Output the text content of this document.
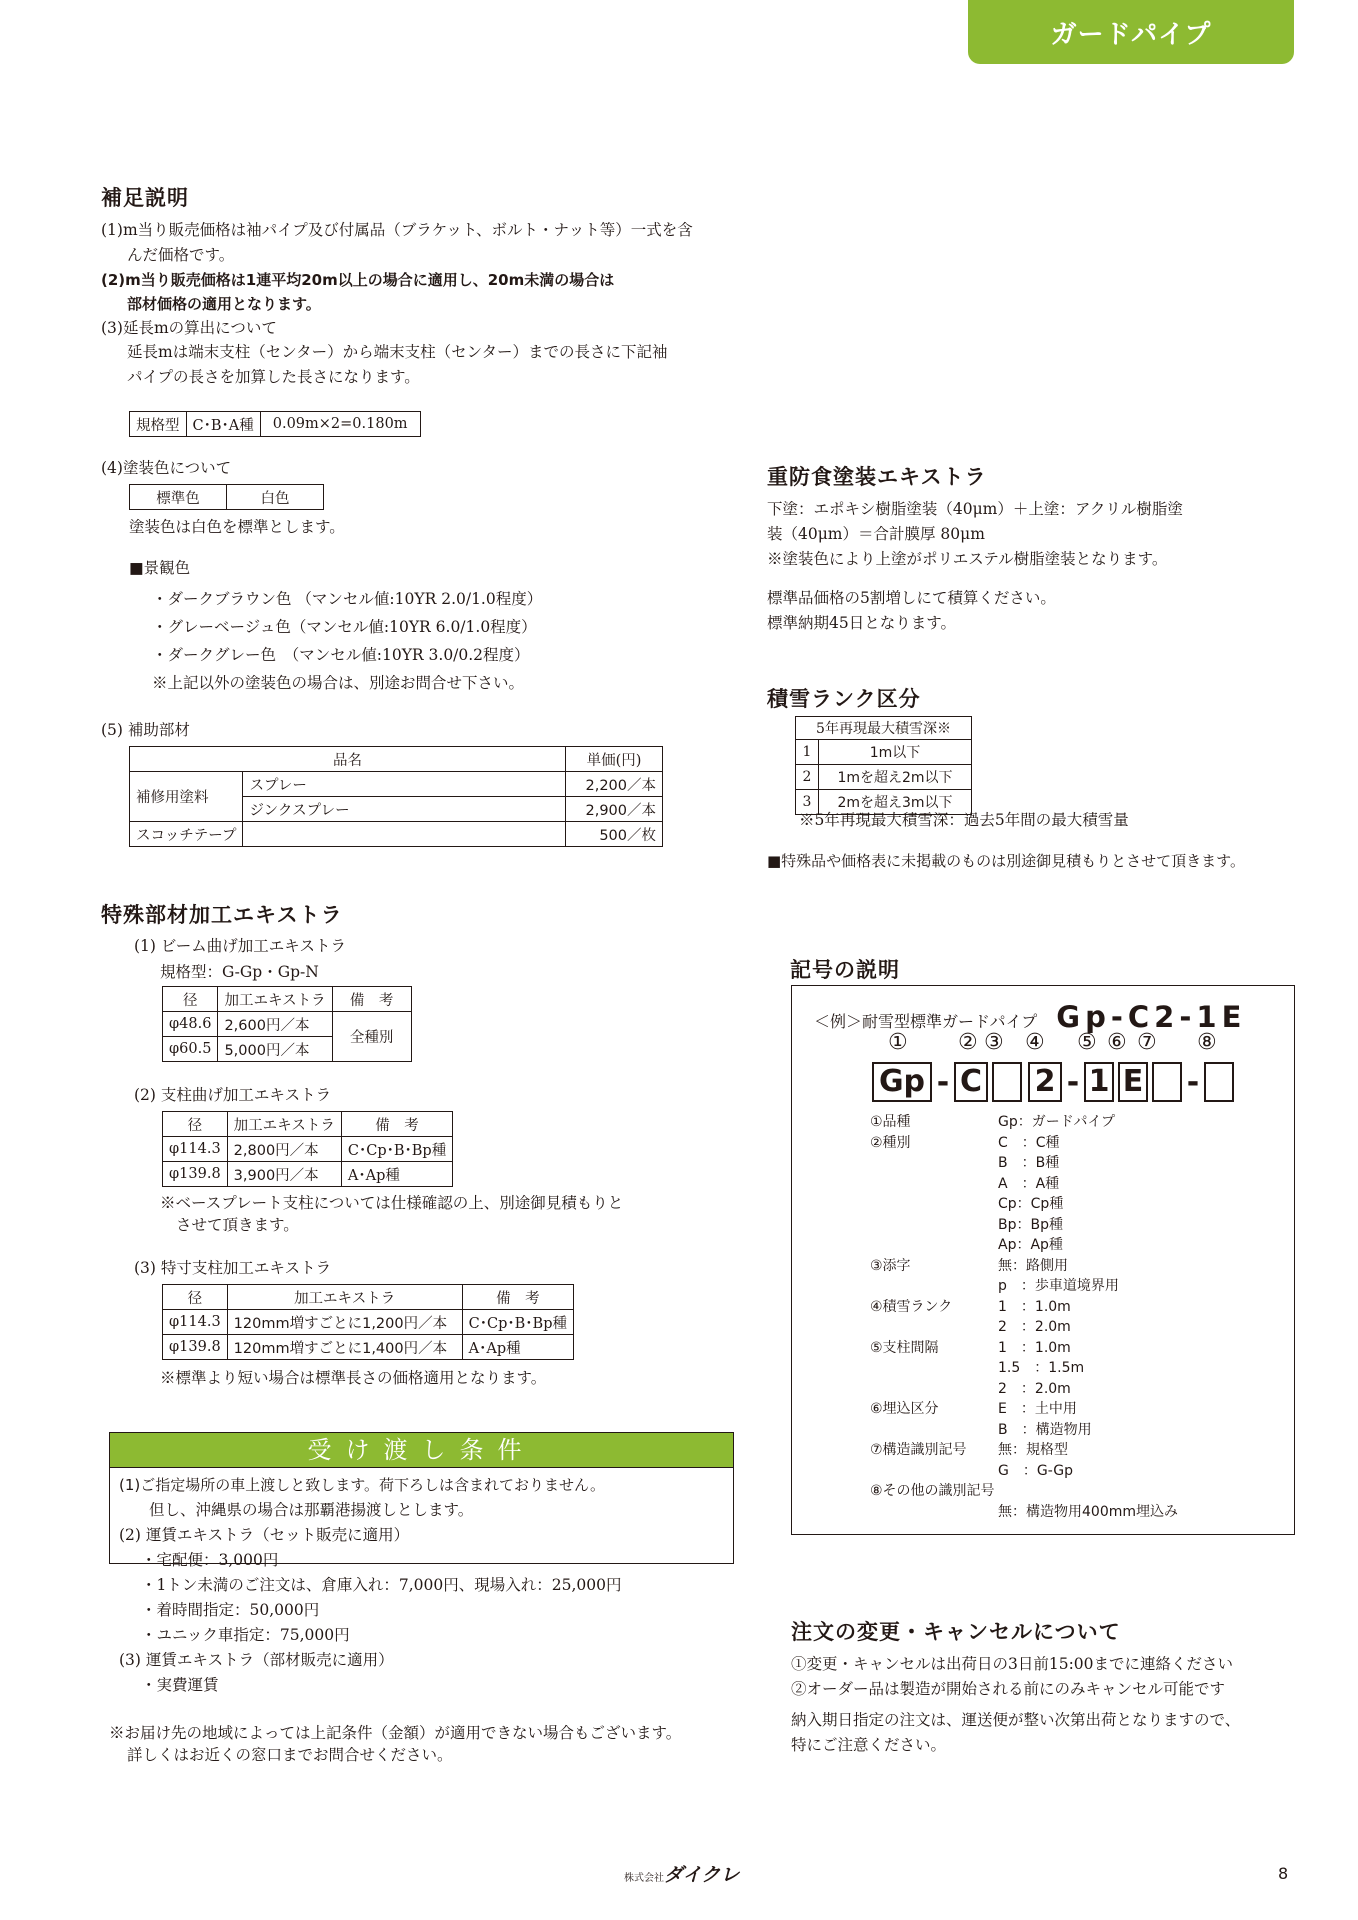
ガードパイプ
補足説明
(1)m当り販売価格は袖パイプ及び付属品（ブラケット、ボルト・ナット等）一式を含
んだ価格です。
(2)m当り販売価格は1連平均20m以上の場合に適用し、20m未満の場合は
部材価格の適用となります。
(3)延長mの算出について
延長mは端末支柱（センター）から端末支柱（センター）までの長さに下記袖
パイプの長さを加算した長さになります。
規格型	C･B･A種	0.09m×2=0.180m
(4)塗装色について
標準色	白色
塗装色は白色を標準とします。
■景観色
・ダークブラウン色 （マンセル値:10YR 2.0/1.0程度）
・グレーベージュ色（マンセル値:10YR 6.0/1.0程度）
・ダークグレー色　（マンセル値:10YR 3.0/0.2程度）
※上記以外の塗装色の場合は、別途お問合せ下さい。
(5) 補助部材
品名		単価(円)
補修用塗料	スプレー	2,200／本
	ジンクスプレー	2,900／本
スコッチテープ		500／枚
特殊部材加工エキストラ
(1) ビーム曲げ加工エキストラ
規格型：G-Gp・Gp-N
径	加工エキストラ	備　考
φ48.6	2,600円／本	全種別
φ60.5	5,000円／本	
(2) 支柱曲げ加工エキストラ
径	加工エキストラ	備　考
φ114.3	2,800円／本	C･Cp･B･Bp種
φ139.8	3,900円／本	A･Ap種
※ベースプレート支柱については仕様確認の上、別途御見積もりと
させて頂きます。
(3) 特寸支柱加工エキストラ
径	加工エキストラ	備　考
φ114.3	120mm増すごとに1,200円／本	C･Cp･B･Bp種
φ139.8	120mm増すごとに1,400円／本	A･Ap種
※標準より短い場合は標準長さの価格適用となります。
受け渡し条件
(1)ご指定場所の車上渡しと致します。荷下ろしは含まれておりません。
但し、沖縄県の場合は那覇港揚渡しとします。
(2) 運賃エキストラ（セット販売に適用）
・宅配便：3,000円
・1トン未満のご注文は、倉庫入れ：7,000円、現場入れ：25,000円
・着時間指定：50,000円
・ユニック車指定：75,000円
(3) 運賃エキストラ（部材販売に適用）
・実費運賃
※お届け先の地域によっては上記条件（金額）が適用できない場合もございます。
詳しくはお近くの窓口までお問合せください。
重防食塗装エキストラ
下塗：エポキシ樹脂塗装（40μm）＋上塗：アクリル樹脂塗
装（40μm）＝合計膜厚 80μm
※塗装色により上塗がポリエステル樹脂塗装となります。
標準品価格の5割増しにて積算ください。
標準納期45日となります。
積雪ランク区分
5年再現最大積雪深※	
1	1m以下
2	1mを超え2m以下
3	2mを超え3m以下
※5年再現最大積雪深：過去5年間の最大積雪量
■特殊品や価格表に未掲載のものは別途御見積もりとさせて頂きます。
記号の説明
＜例＞耐雪型標準ガードパイプ Gp-C2-1E
① ② ③ ④ ⑤ ⑥ ⑦ ⑧
Gp - C 2 - 1 E -
①品種	Gp：ガードパイプ
②種別	C　：C種
B　：B種
A　：A種
Cp：Cp種
Bp：Bp種
Ap：Ap種
③添字	無：路側用
p　：歩車道境界用
④積雪ランク	1　：1.0m
2　：2.0m
⑤支柱間隔	1　：1.0m
1.5　：1.5m
2　：2.0m
⑥埋込区分	E　：土中用
B　：構造物用
⑦構造識別記号 無：規格型
G　：G-Gp
⑧その他の識別記号
無：構造物用400mm埋込み
注文の変更・キャンセルについて
①変更・キャンセルは出荷日の3日前15:00までに連絡ください
②オーダー品は製造が開始される前にのみキャンセル可能です
納入期日指定の注文は、運送便が整い次第出荷となりますので、
特にご注意ください。
株式会社ダイクレ	8
